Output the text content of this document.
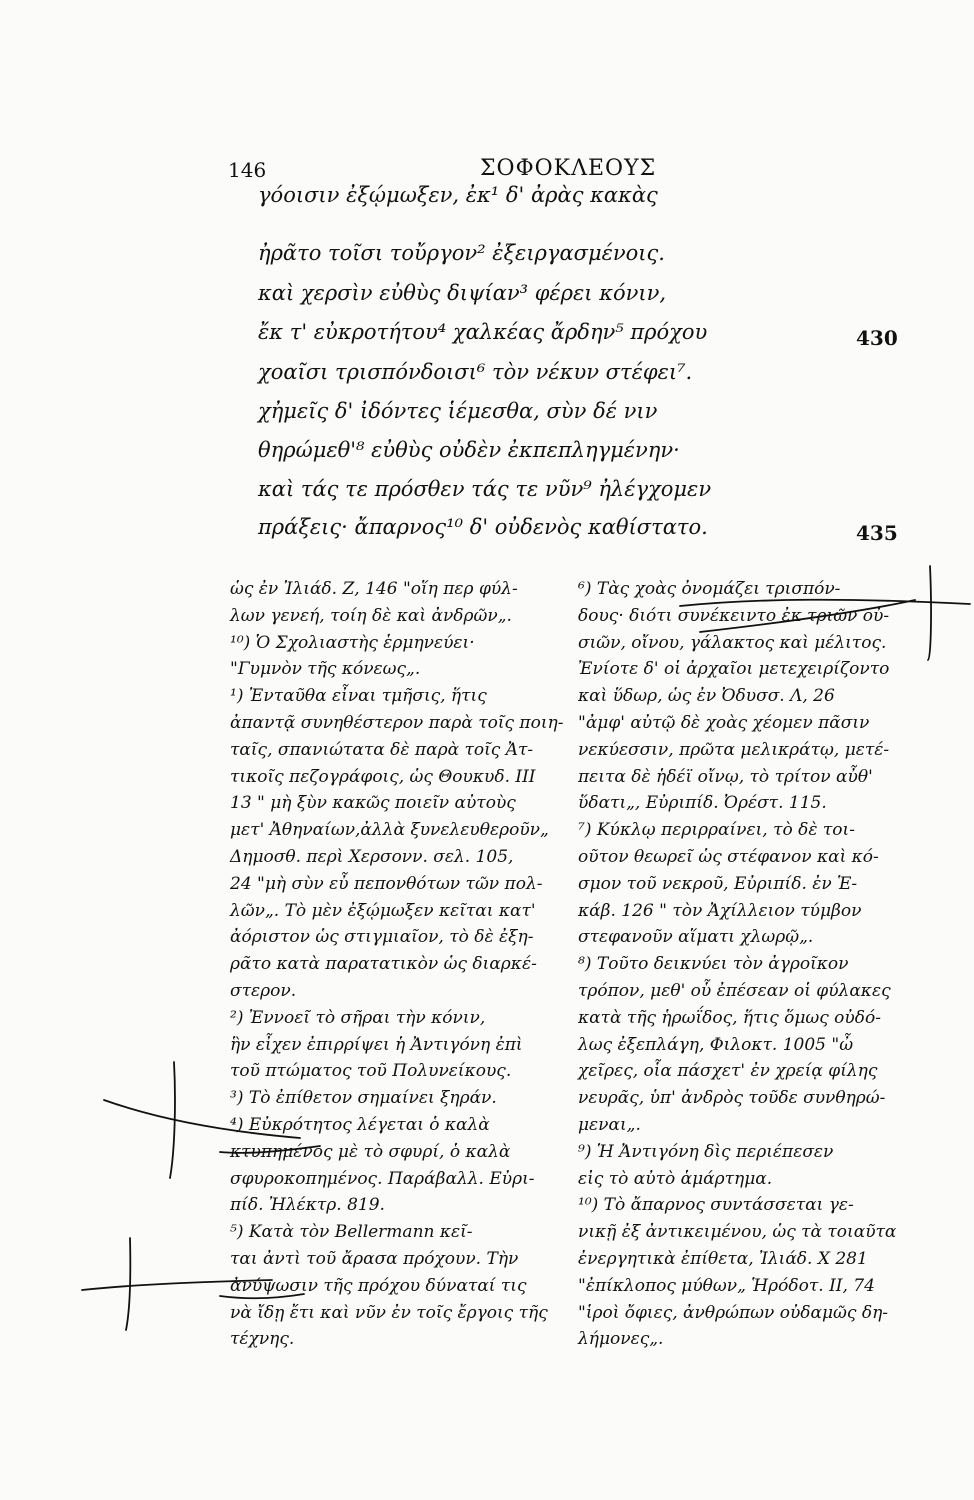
146	ΣΟΦΟΚΛΕΟΥΣ
γόοισιν ἐξῴμωξεν, ἐκ¹ δ' ἀρὰς κακὰς
ἠρᾶτο τοῖσι τοὔργον² ἐξειργασμένοις.
καὶ χερσὶν εὐθὺς διψίαν³ φέρει κόνιν,
ἔκ τ' εὐκροτήτου⁴ χαλκέας ἄρδην⁵ πρόχου
χοαῖσι τρισπόνδοισι⁶ τὸν νέκυν στέφει⁷.
χἠμεῖς δ' ἰδόντες ἱέμεσθα, σὺν δέ νιν
θηρώμεθ'⁸ εὐθὺς οὐδὲν ἐκπεπληγμένην·
καὶ τάς τε πρόσθεν τάς τε νῦν⁹ ἠλέγχομεν
πράξεις· ἄπαρνος¹⁰ δ' οὐδενὸς καθίστατο.
430
435

ὡς ἐν Ἰλιάδ. Ζ, 146 "οἵη περ φύλ-

λων γενεή, τοίη δὲ καὶ ἀνδρῶν„.

¹⁰) Ὁ Σχολιαστὴς ἑρμηνεύει·

"Γυμνὸν τῆς κόνεως„.

¹) Ἐνταῦθα εἶναι τμῆσις, ἥτις

ἀπαντᾷ συνηθέστερον παρὰ τοῖς ποιη-

ταῖς, σπανιώτατα δὲ παρὰ τοῖς Ἀτ-

τικοῖς πεζογράφοις, ὡς Θουκυδ. III

13 " μὴ ξὺν κακῶς ποιεῖν αὐτοὺς

μετ' Ἀθηναίων,ἀλλὰ ξυνελευθεροῦν„

Δημοσθ. περὶ Χερσονν. σελ. 105,

24 "μὴ σὺν εὖ πεπονθότων τῶν πολ-

λῶν„. Τὸ μὲν ἐξῴμωξεν κεῖται κατ'

ἀόριστον ὡς στιγμιαῖον, τὸ δὲ ἐξη-

ρᾶτο κατὰ παρατατικὸν ὡς διαρκέ-

στερον.

²) Ἐννοεῖ τὸ σῆραι τὴν κόνιν,

ἣν εἶχεν ἐπιρρίψει ἡ Ἀντιγόνη ἐπὶ

τοῦ πτώματος τοῦ Πολυνείκους.

³) Τὸ ἐπίθετον σημαίνει ξηράν.

⁴) Εὐκρότητος λέγεται ὁ καλὰ

κτυπημένος μὲ τὸ σφυρί, ὁ καλὰ

σφυροκοπημένος. Παράβαλλ. Εὐρι-

πίδ. Ἠλέκτρ. 819.

⁵) Κατὰ τὸν Bellermann κεῖ-

ται ἀντὶ τοῦ ἄρασα πρόχουν. Τὴν

ἀνύψωσιν τῆς πρόχου δύναταί τις

νὰ ἴδῃ ἔτι καὶ νῦν ἐν τοῖς ἔργοις τῆς

τέχνης.

⁶) Τὰς χοὰς ὀνομάζει τρισπόν-

δους· διότι συνέκειντο ἐκ τριῶν οὐ-

σιῶν, οἴνου, γάλακτος καὶ μέλιτος.

Ἐνίοτε δ' οἱ ἀρχαῖοι μετεχειρίζοντο

καὶ ὕδωρ, ὡς ἐν Ὀδυσσ. Λ, 26

"ἀμφ' αὐτῷ δὲ χοὰς χέομεν πᾶσιν

νεκύεσσιν, πρῶτα μελικράτῳ, μετέ-

πειτα δὲ ἡδέϊ οἴνῳ, τὸ τρίτον αὖθ'

ὕδατι„, Εὐριπίδ. Ὀρέστ. 115.

⁷) Κύκλῳ περιρραίνει, τὸ δὲ τοι-

οῦτον θεωρεῖ ὡς στέφανον καὶ κό-

σμον τοῦ νεκροῦ, Εὐριπίδ. ἐν Ἑ-

κάβ. 126 " τὸν Ἀχίλλειον τύμβον

στεφανοῦν αἵματι χλωρῷ„.

⁸) Τοῦτο δεικνύει τὸν ἀγροῖκον

τρόπον, μεθ' οὗ ἐπέσεαν οἱ φύλακες

κατὰ τῆς ἡρωΐδος, ἥτις ὅμως οὐδό-

λως ἐξεπλάγη, Φιλοκτ. 1005 "ὦ

χεῖρες, οἷα πάσχετ' ἐν χρείᾳ φίλης

νευρᾶς, ὑπ' ἀνδρὸς τοῦδε συνθηρώ-

μεναι„.

⁹) Ἡ Ἀντιγόνη δὶς περιέπεσεν

εἰς τὸ αὐτὸ ἁμάρτημα.

¹⁰) Τὸ ἄπαρνος συντάσσεται γε-

νικῇ ἐξ ἀντικειμένου, ὡς τὰ τοιαῦτα

ἐνεργητικὰ ἐπίθετα, Ἰλιάδ. Χ 281

"ἐπίκλοπος μύθων„ Ἡρόδοτ. ΙΙ, 74

"ἱροὶ ὄφιες, ἀνθρώπων οὐδαμῶς δη-

λήμονες„.
